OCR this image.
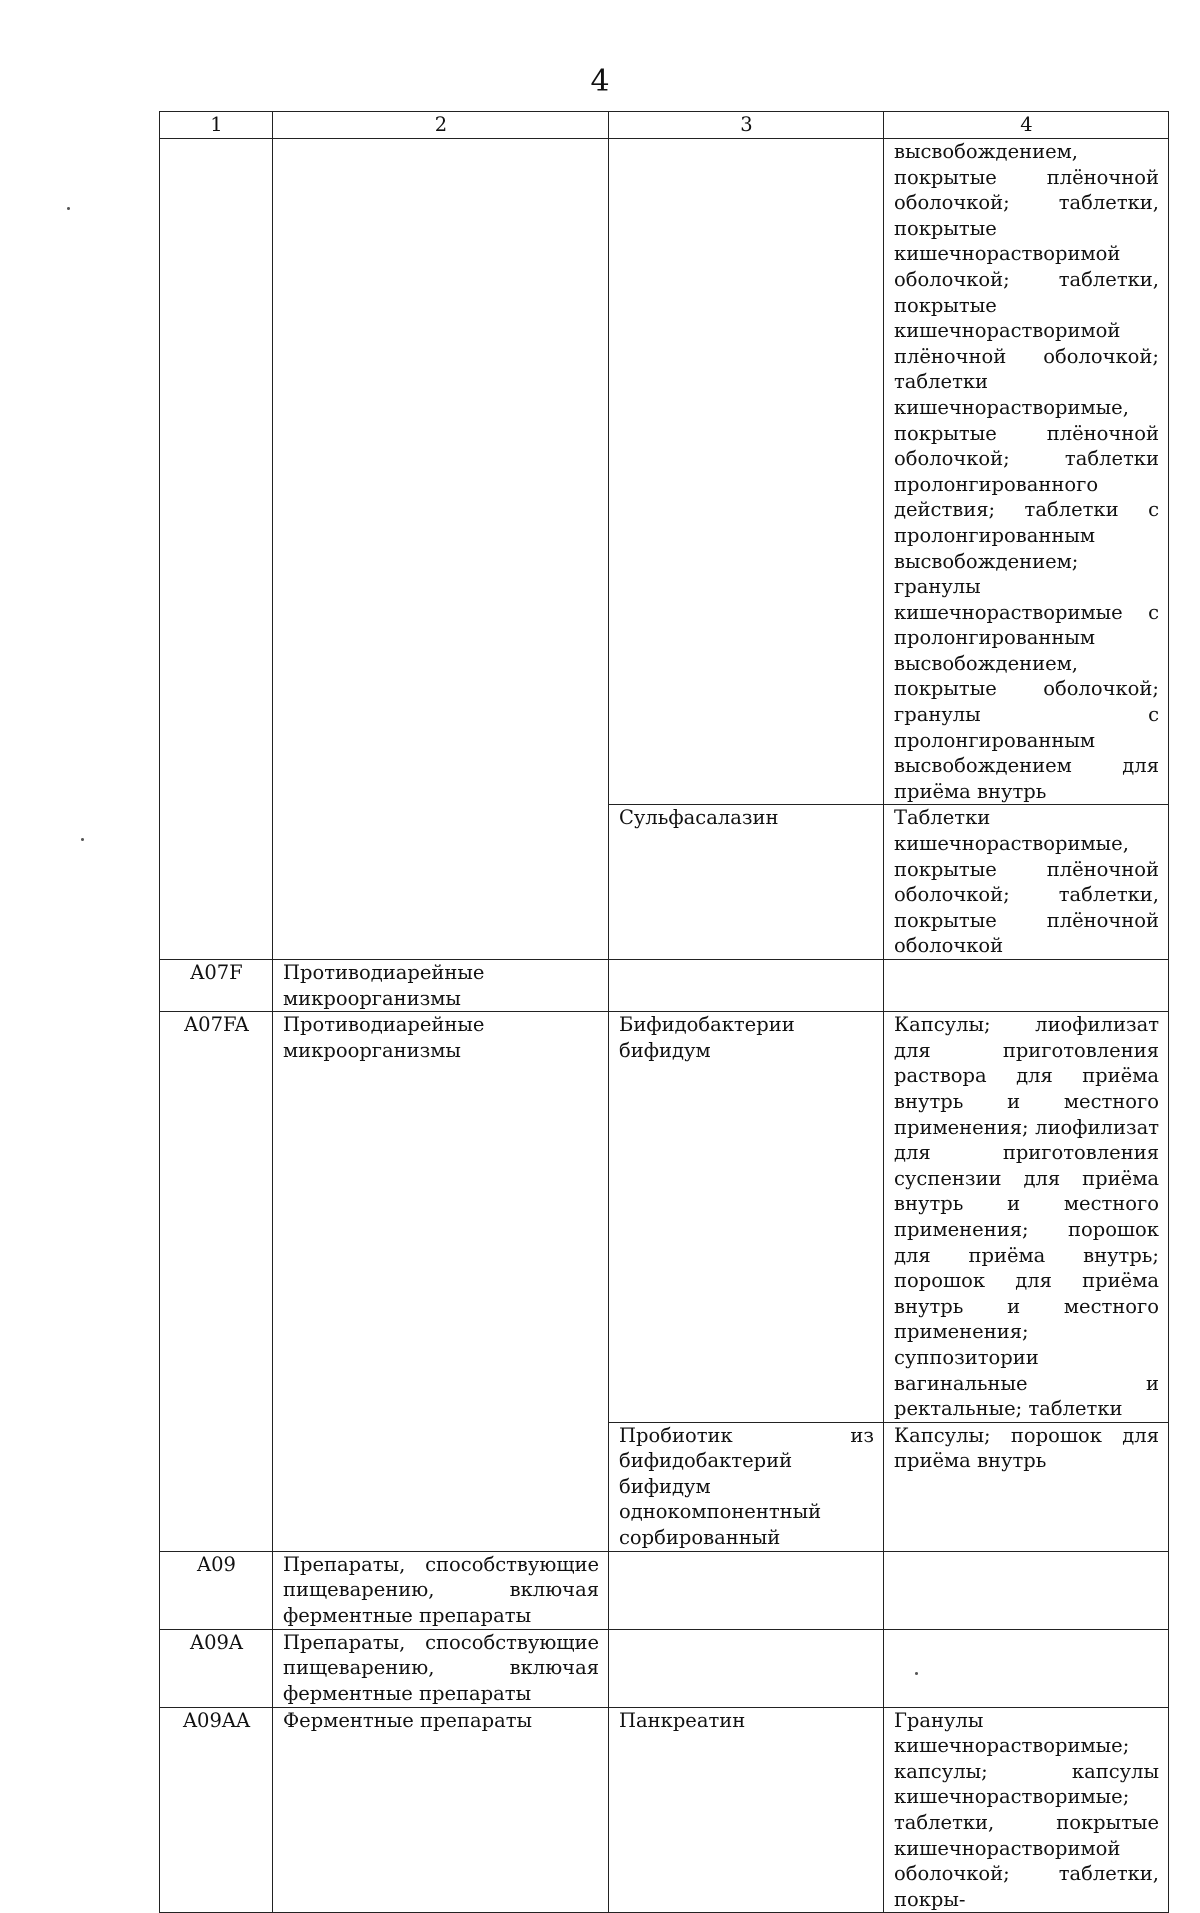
4
1	2	3	4
			высвобождением, покрытые плёночной оболочкой; таблетки, покрытые кишечнорастворимой оболочкой; таблетки, покрытые кишечнорастворимой плёночной оболочкой; таблетки кишечнорастворимые, покрытые плёночной оболочкой; таблетки пролонгированного действия; таблетки с пролонгированным высвобождением; гранулы кишечнорастворимые с пролонгированным высвобождением, покрытые оболочкой; гранулы с пролонгированным высвобождением для приёма внутрь
		Сульфасалазин	Таблетки кишечнорастворимые, покрытые плёночной оболочкой; таблетки, покрытые плёночной оболочкой
A07F	Противодиарейные микроорганизмы		
A07FA	Противодиарейные микроорганизмы	Бифидобактерии бифидум	Капсулы; лиофилизат для приготовления раствора для приёма внутрь и местного применения; лиофилизат для приготовления суспензии для приёма внутрь и местного применения; порошок для приёма внутрь; порошок для приёма внутрь и местного применения; суппозитории вагинальные и ректальные; таблетки
		Пробиотик из бифидобактерий бифидум однокомпонентный сорбированный	Капсулы; порошок для приёма внутрь
A09	Препараты, способствующие пищеварению, включая ферментные препараты		
A09A	Препараты, способствующие пищеварению, включая ферментные препараты		
A09AA	Ферментные препараты	Панкреатин	Гранулы кишечнорастворимые; капсулы; капсулы кишечнорастворимые; таблетки, покрытые кишечнорастворимой оболочкой; таблетки, покры-
